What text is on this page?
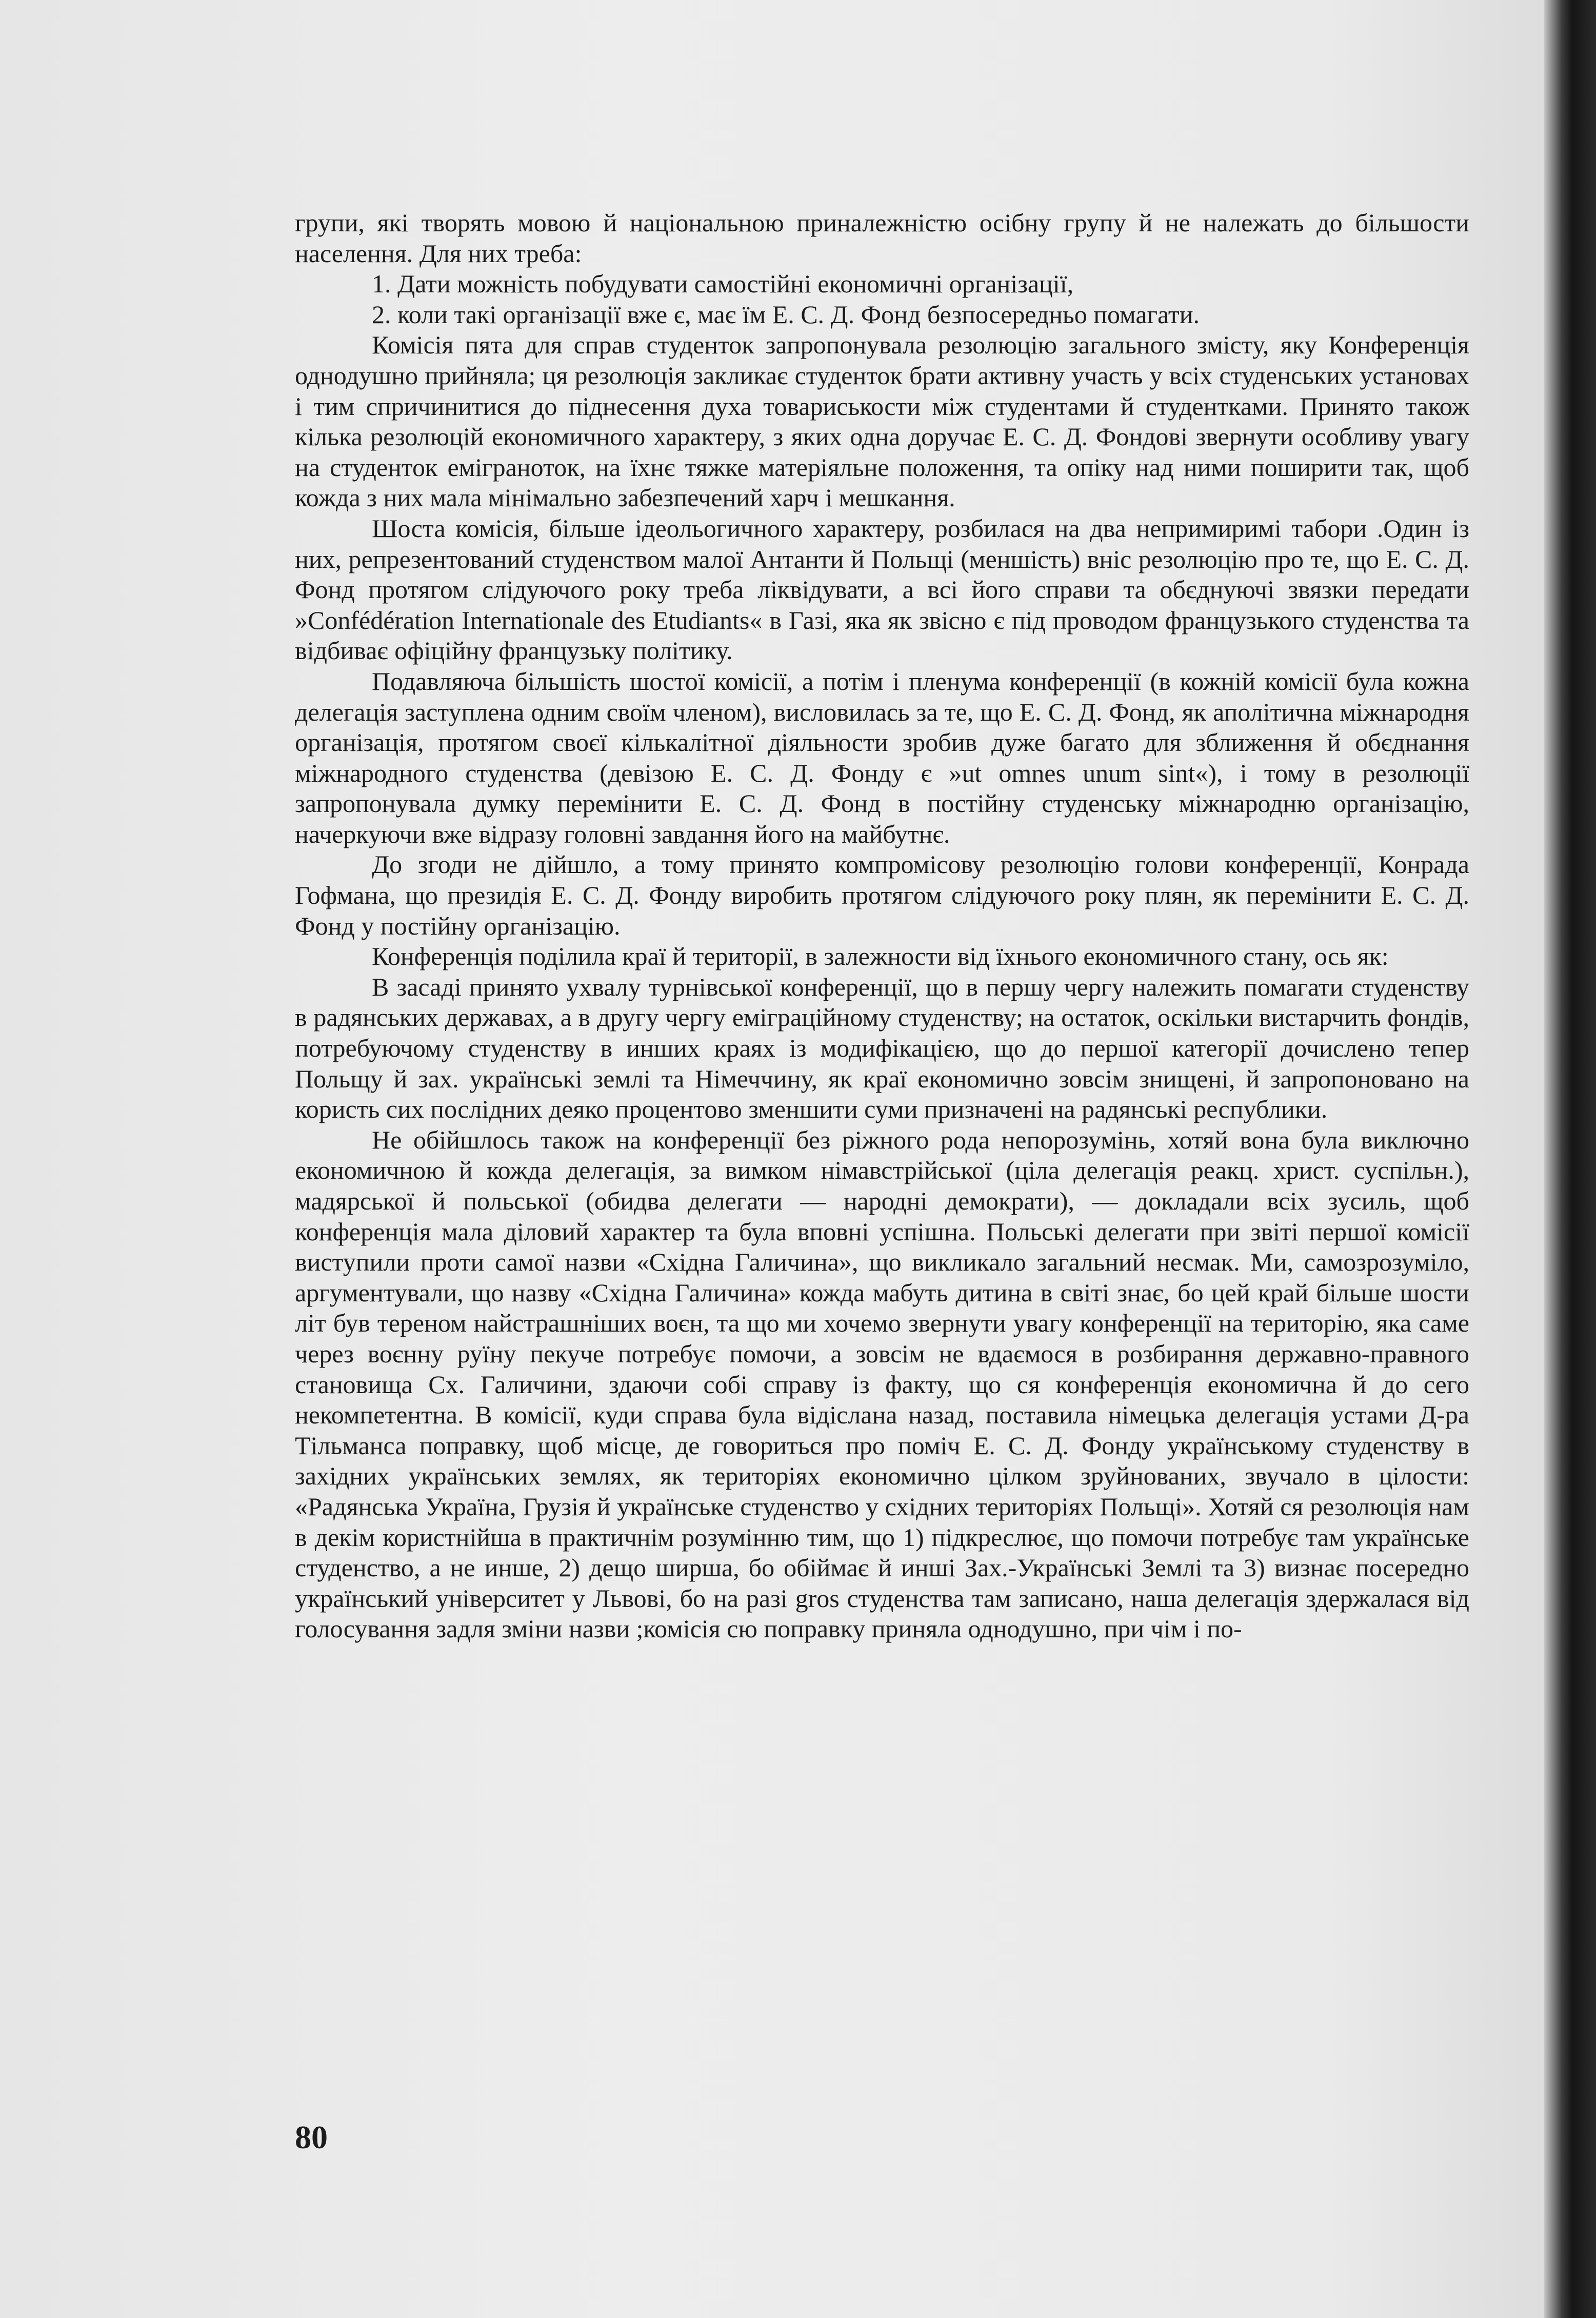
групи, які творять мовою й національною приналежністю осібну групу й не належать до більшости населення. Для них треба:

1. Дати можність побудувати самостійні економичні організації,

2. коли такі організації вже є, має їм Е. С. Д. Фонд безпосередньо помагати.

Комісія пята для справ студенток запропонувала резолюцію загального змісту, яку Конференція однодушно прийняла; ця резолюція закликає студенток брати активну участь у всіх студенських установах і тим спричинитися до піднесення духа товариськости між студентами й студентками. Принято також кілька резолюцій економичного характеру, з яких одна доручає Е. С. Д. Фондові звернути особливу увагу на студенток еміграноток, на їхнє тяжке матеріяльне положення, та опіку над ними поширити так, щоб кожда з них мала мінімально забезпечений харч і мешкання.

Шоста комісія, більше ідеольогичного характеру, розбилася на два непримиримі табори .Один із них, репрезентований студенством малої Антанти й Польщі (меншість) вніс резолюцію про те, що Е. С. Д. Фонд протягом слідуючого року треба ліквідувати, а всі його справи та обєднуючі звязки передати »Confédération Internationale des Etudiants« в Газі, яка як звісно є під проводом французького студенства та відбиває офіційну французьку політику.

Подавляюча більшість шостої комісії, а потім і пленума конференції (в кожній комісії була кожна делегація заступлена одним своїм членом), висловилась за те, що Е. С. Д. Фонд, як аполітична міжнародня організація, протягом своєї кількалітної діяльности зробив дуже багато для зближення й обєднання міжнародного студенства (девізою Е. С. Д. Фонду є »ut omnes unum sint«), і тому в резолюції запропонувала думку перемінити Е. С. Д. Фонд в постійну студенську міжнародню організацію, начеркуючи вже відразу головні завдання його на майбутнє.

До згоди не дійшло, а тому принято компромісову резолюцію голови конференції, Конрада Гофмана, що президія Е. С. Д. Фонду виробить протягом слідуючого року плян, як перемінити Е. С. Д. Фонд у постійну організацію.

Конференція поділила краї й території, в залежности від їхнього економичного стану, ось як:

В засаді принято ухвалу турнівської конференції, що в першу чергу належить помагати студенству в радянських державах, а в другу чергу еміграційному студенству; на остаток, оскільки вистарчить фондів, потребуючому студенству в инших краях із модифікацією, що до першої категорії дочислено тепер Польщу й зах. українські землі та Німеччину, як краї економично зовсім знищені, й запропоновано на користь сих послідних деяко процентово зменшити суми призначені на радянські республики.

Не обійшлось також на конференції без ріжного рода непорозумінь, хотяй вона була виключно економичною й кожда делегація, за вимком німавстрійської (ціла делегація реакц. христ. суспільн.), мадярської й польської (обидва делегати — народні демократи), — докладали всіх зусиль, щоб конференція мала діловий характер та була вповні успішна. Польські делегати при звіті першої комісії виступили проти самої назви «Східна Галичина», що викликало загальний несмак. Ми, самозрозуміло, аргументували, що назву «Східна Галичина» кожда мабуть дитина в світі знає, бо цей край більше шости літ був тереном найстрашніших воєн, та що ми хочемо звернути увагу конференції на територію, яка саме через воєнну руїну пекуче потребує помочи, а зовсім не вдаємося в розбирання державно-правного становища Сх. Галичини, здаючи собі справу із факту, що ся конференція економична й до сего некомпетентна. В комісії, куди справа була відіслана назад, поставила німецька делегація устами Д-ра Тільманса поправку, щоб місце, де говориться про поміч Е. С. Д. Фонду українському студенству в західних українських землях, як територіях економично цілком зруйнованих, звучало в цілости: «Радянська Україна, Грузія й українське студенство у східних територіях Польщі». Хотяй ся резолюція нам в декім користнійша в практичнім розумінню тим, що 1) підкреслює, що помочи потребує там українське студенство, а не инше, 2) дещо ширша, бо обіймає й инші Зах.-Українські Землі та 3) визнає посередно український університет у Львові, бо на разі gros студенства там записано, наша делегація здержалася від голосування задля зміни назви ;комісія сю поправку приняла однодушно, при чім і по-

80
